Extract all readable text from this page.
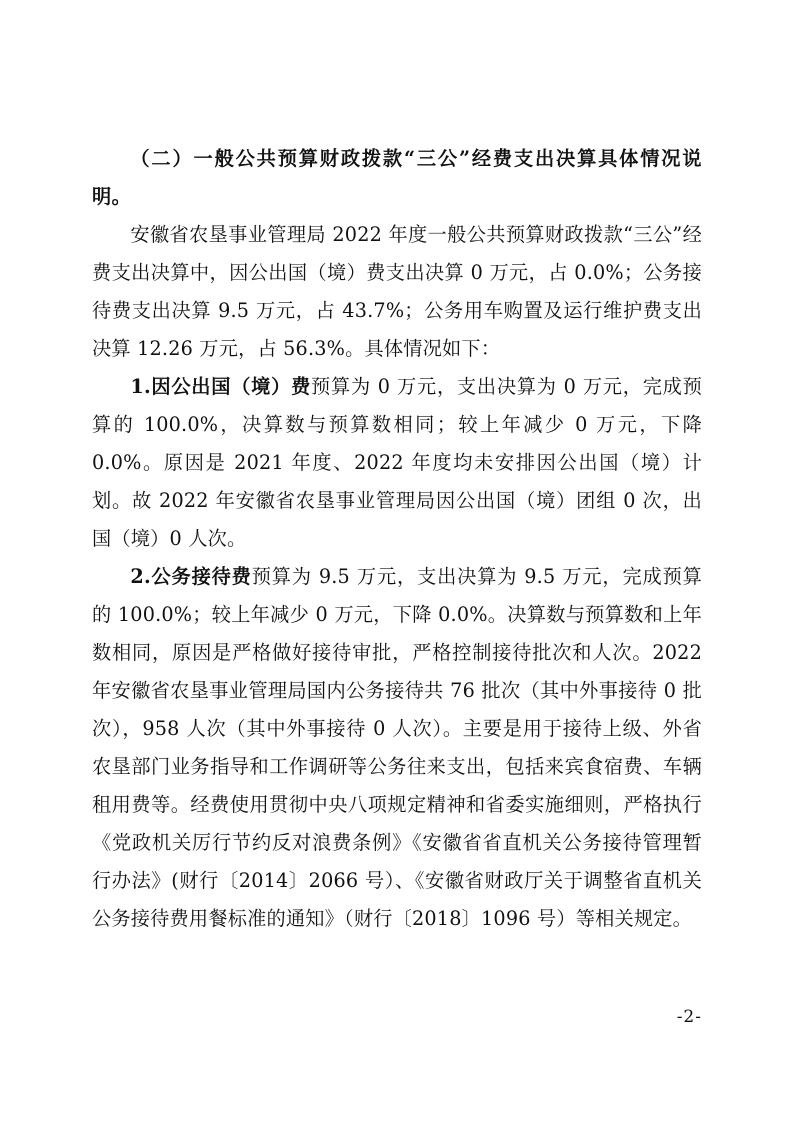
（二）一般公共预算财政拨款“三公”经费支出决算具体情况说明。

安徽省农垦事业管理局 2022 年度一般公共预算财政拨款“三公”经费支出决算中，因公出国（境）费支出决算 0 万元，占 0.0%；公务接待费支出决算 9.5 万元，占 43.7%；公务用车购置及运行维护费支出决算 12.26 万元，占 56.3%。具体情况如下：

1.因公出国（境）费预算为 0 万元，支出决算为 0 万元，完成预算的 100.0%，决算数与预算数相同；较上年减少 0 万元，下降 0.0%。原因是 2021 年度、2022 年度均未安排因公出国（境）计划。故 2022 年安徽省农垦事业管理局因公出国（境）团组 0 次，出国（境）0 人次。

2.公务接待费预算为 9.5 万元，支出决算为 9.5 万元，完成预算的 100.0%；较上年减少 0 万元，下降 0.0%。决算数与预算数和上年数相同，原因是严格做好接待审批，严格控制接待批次和人次。2022 年安徽省农垦事业管理局国内公务接待共 76 批次（其中外事接待 0 批次），958 人次（其中外事接待 0 人次）。主要是用于接待上级、外省农垦部门业务指导和工作调研等公务往来支出，包括来宾食宿费、车辆租用费等。经费使用贯彻中央八项规定精神和省委实施细则，严格执行《党政机关厉行节约反对浪费条例》《安徽省省直机关公务接待管理暂行办法》(财行〔2014〕2066 号）、《安徽省财政厅关于调整省直机关公务接待费用餐标准的通知》（财行〔2018〕1096 号）等相关规定。

-2-
